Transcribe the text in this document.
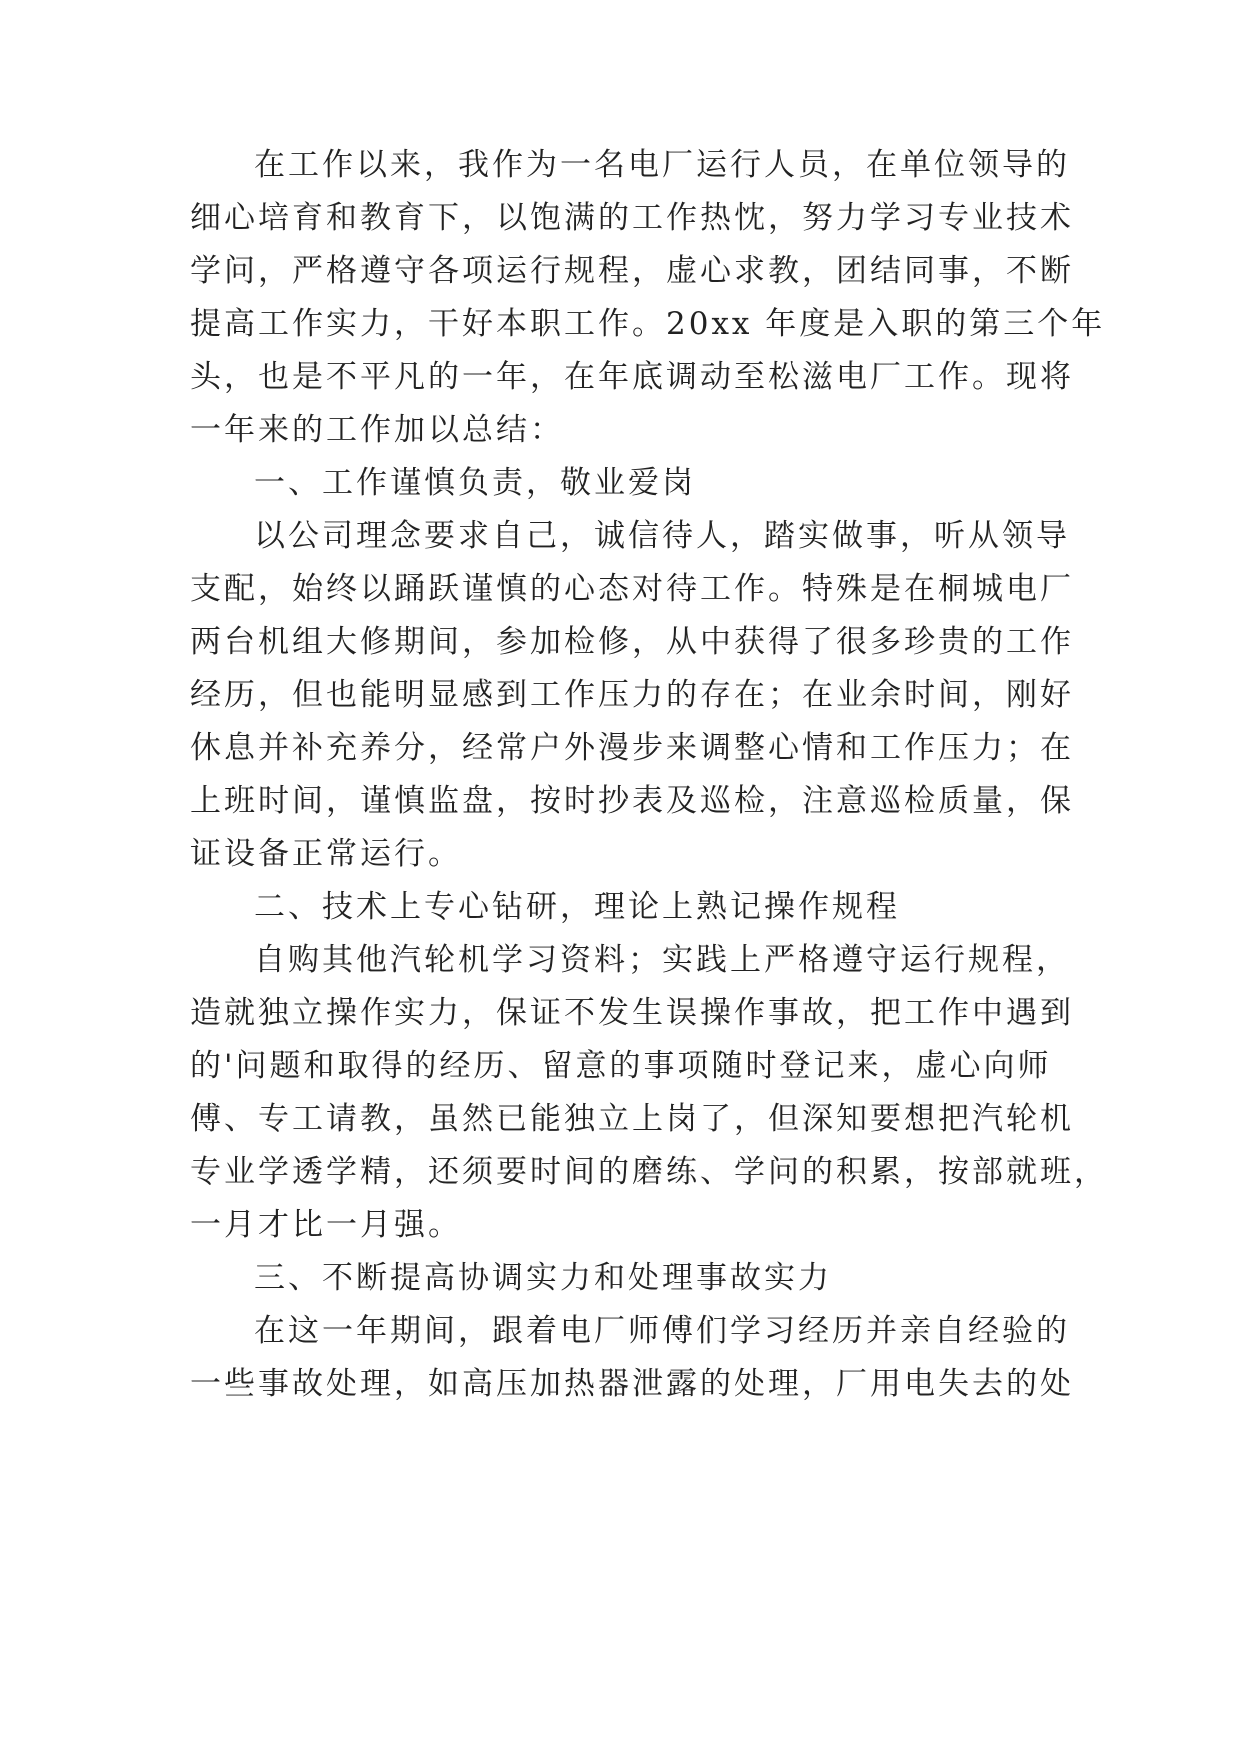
在工作以来，我作为一名电厂运行人员，在单位领导的
细心培育和教育下，以饱满的工作热忱，努力学习专业技术
学问，严格遵守各项运行规程，虚心求教，团结同事，不断
提高工作实力，干好本职工作。20xx 年度是入职的第三个年
头，也是不平凡的一年，在年底调动至松滋电厂工作。现将
一年来的工作加以总结：
一、工作谨慎负责，敬业爱岗
以公司理念要求自己，诚信待人，踏实做事，听从领导
支配，始终以踊跃谨慎的心态对待工作。特殊是在桐城电厂
两台机组大修期间，参加检修，从中获得了很多珍贵的工作
经历，但也能明显感到工作压力的存在；在业余时间，刚好
休息并补充养分，经常户外漫步来调整心情和工作压力；在
上班时间，谨慎监盘，按时抄表及巡检，注意巡检质量，保
证设备正常运行。
二、技术上专心钻研，理论上熟记操作规程
自购其他汽轮机学习资料；实践上严格遵守运行规程，
造就独立操作实力，保证不发生误操作事故，把工作中遇到
的'问题和取得的经历、留意的事项随时登记来，虚心向师
傅、专工请教，虽然已能独立上岗了，但深知要想把汽轮机
专业学透学精，还须要时间的磨练、学问的积累，按部就班，
一月才比一月强。
三、不断提高协调实力和处理事故实力
在这一年期间，跟着电厂师傅们学习经历并亲自经验的
一些事故处理，如高压加热器泄露的处理，厂用电失去的处
